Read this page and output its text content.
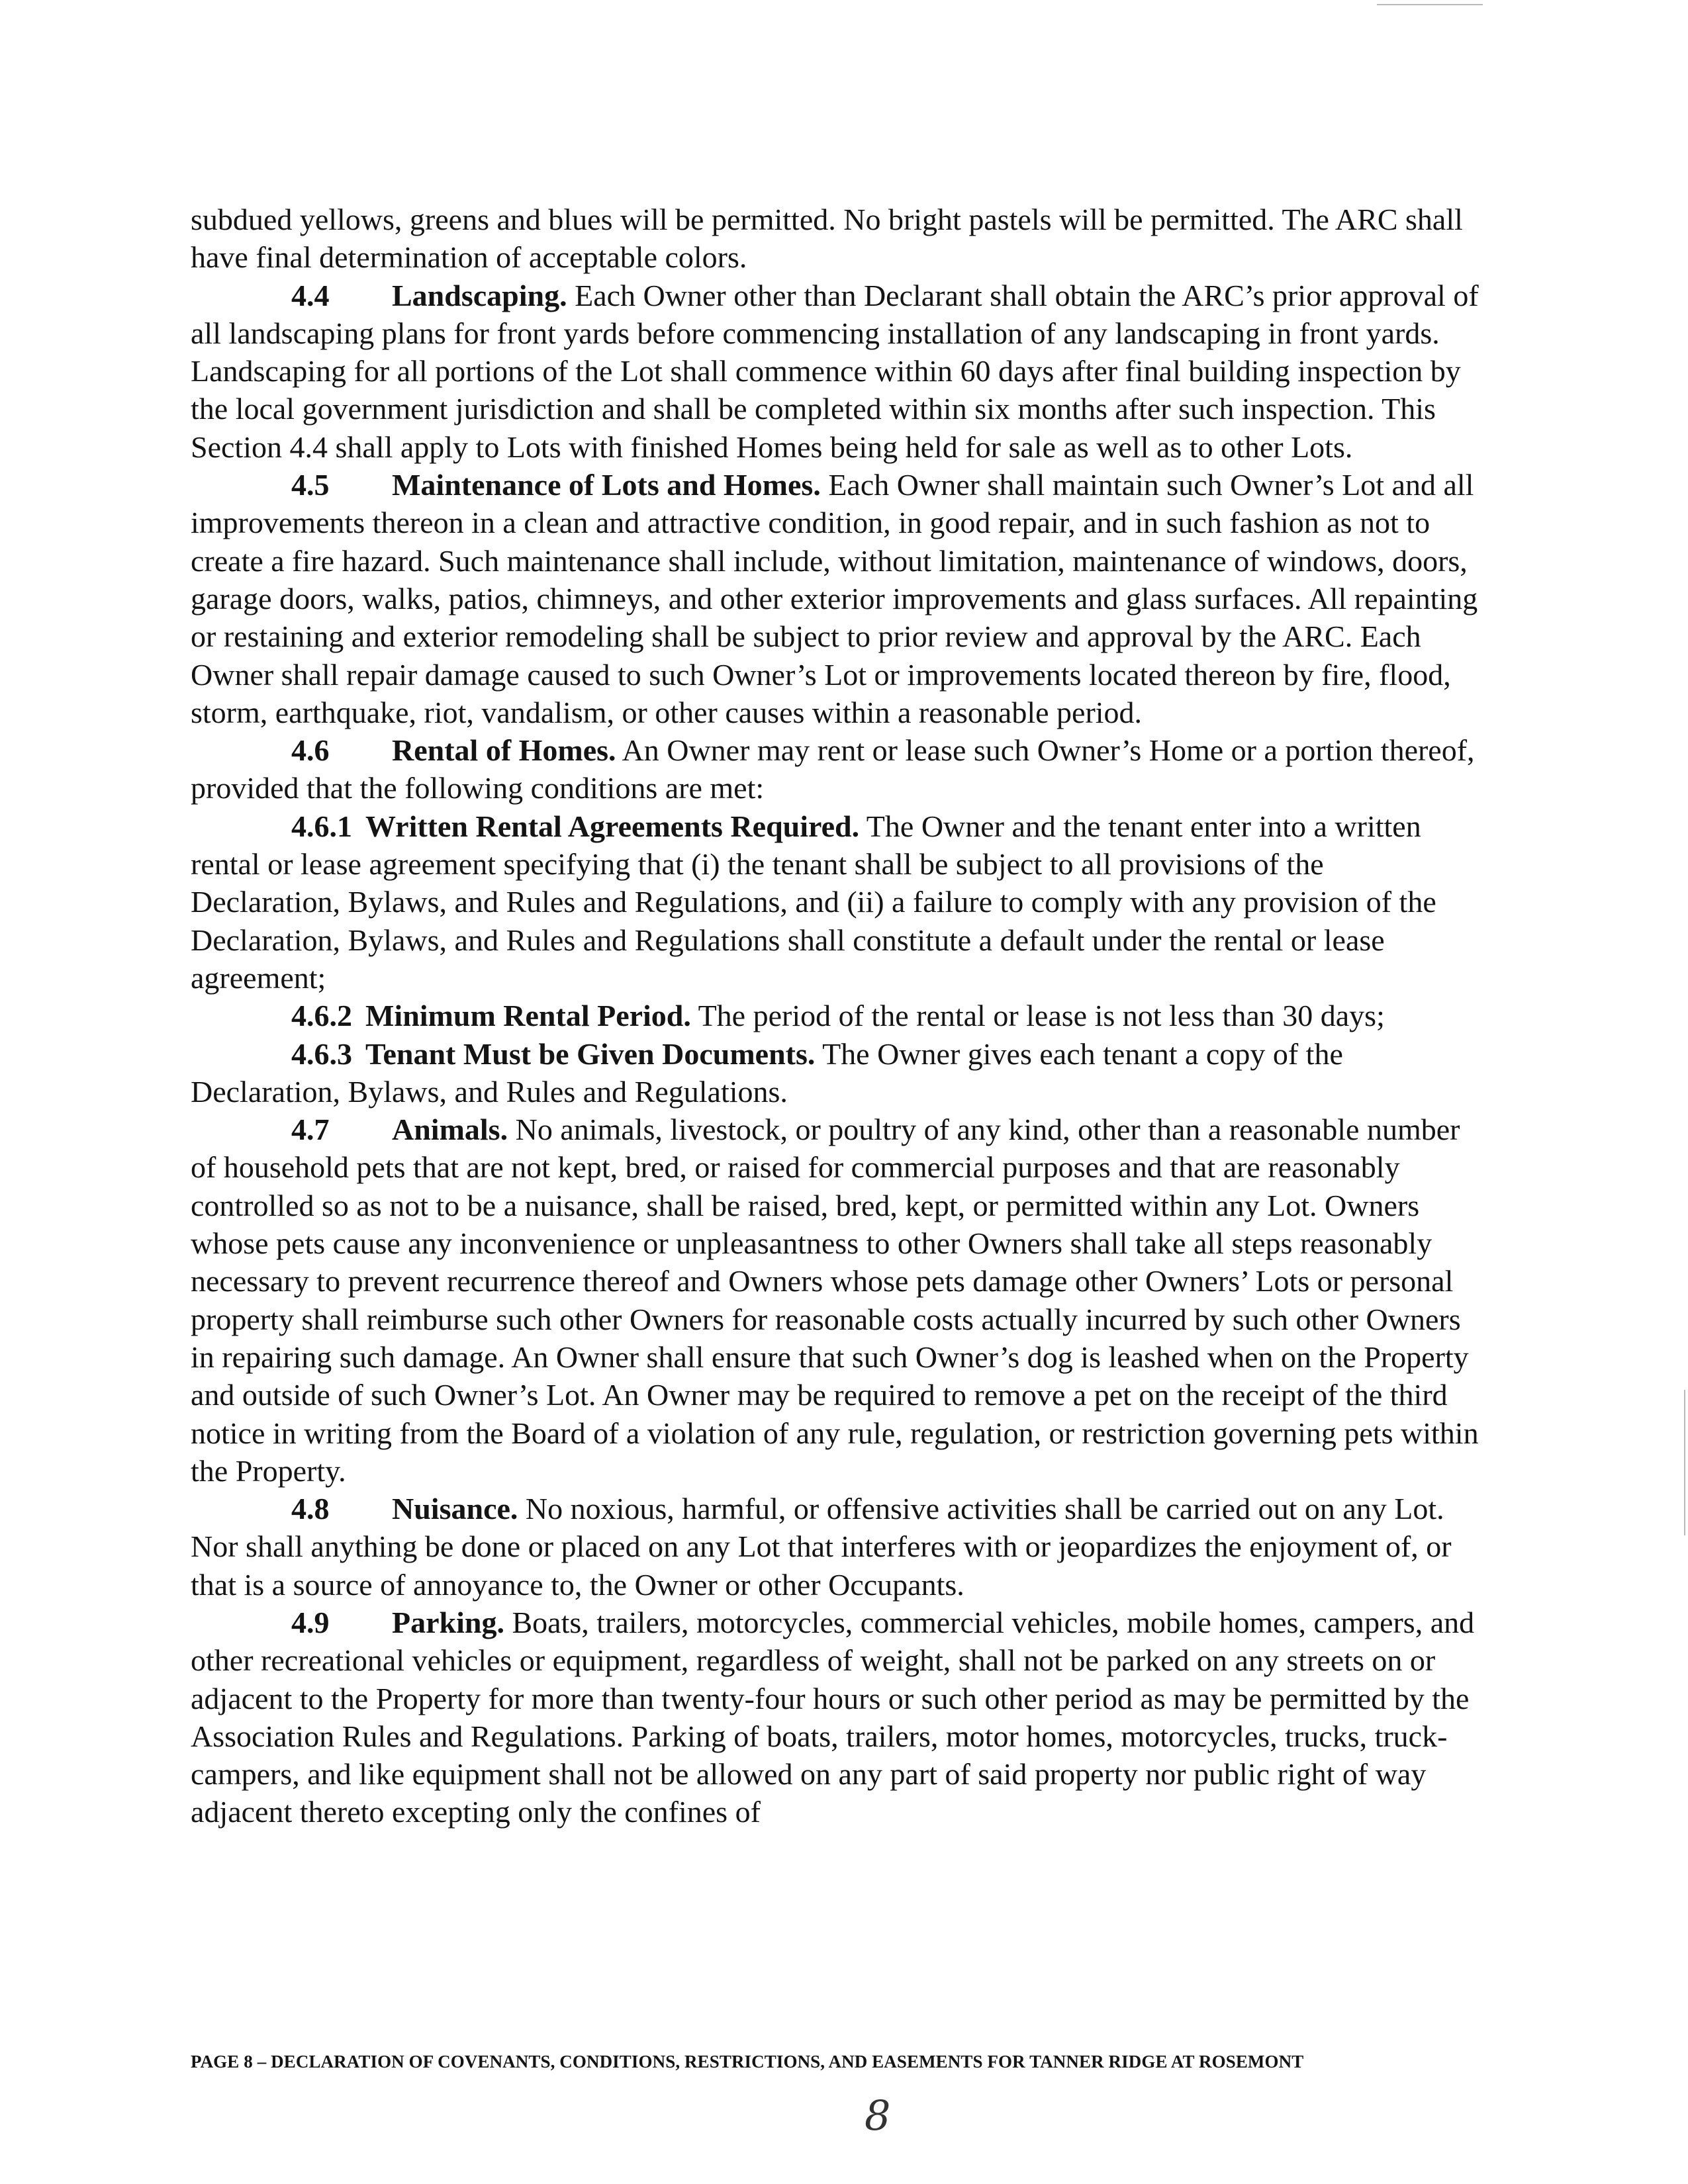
subdued yellows, greens and blues will be permitted. No bright pastels will be permitted. The ARC shall have final determination of acceptable colors.

4.4 Landscaping. Each Owner other than Declarant shall obtain the ARC’s prior approval of all landscaping plans for front yards before commencing installation of any landscaping in front yards. Landscaping for all portions of the Lot shall commence within 60 days after final building inspection by the local government jurisdiction and shall be completed within six months after such inspection. This Section 4.4 shall apply to Lots with finished Homes being held for sale as well as to other Lots.

4.5 Maintenance of Lots and Homes. Each Owner shall maintain such Owner’s Lot and all improvements thereon in a clean and attractive condition, in good repair, and in such fashion as not to create a fire hazard. Such maintenance shall include, without limitation, maintenance of windows, doors, garage doors, walks, patios, chimneys, and other exterior improvements and glass surfaces. All repainting or restaining and exterior remodeling shall be subject to prior review and approval by the ARC. Each Owner shall repair damage caused to such Owner’s Lot or improvements located thereon by fire, flood, storm, earthquake, riot, vandalism, or other causes within a reasonable period.

4.6 Rental of Homes. An Owner may rent or lease such Owner’s Home or a portion thereof, provided that the following conditions are met:

4.6.1 Written Rental Agreements Required. The Owner and the tenant enter into a written rental or lease agreement specifying that (i) the tenant shall be subject to all provisions of the Declaration, Bylaws, and Rules and Regulations, and (ii) a failure to comply with any provision of the Declaration, Bylaws, and Rules and Regulations shall constitute a default under the rental or lease agreement;

4.6.2 Minimum Rental Period. The period of the rental or lease is not less than 30 days;

4.6.3 Tenant Must be Given Documents. The Owner gives each tenant a copy of the Declaration, Bylaws, and Rules and Regulations.

4.7 Animals. No animals, livestock, or poultry of any kind, other than a reasonable number of household pets that are not kept, bred, or raised for commercial purposes and that are reasonably controlled so as not to be a nuisance, shall be raised, bred, kept, or permitted within any Lot. Owners whose pets cause any inconvenience or unpleasantness to other Owners shall take all steps reasonably necessary to prevent recurrence thereof and Owners whose pets damage other Owners’ Lots or personal property shall reimburse such other Owners for reasonable costs actually incurred by such other Owners in repairing such damage. An Owner shall ensure that such Owner’s dog is leashed when on the Property and outside of such Owner’s Lot. An Owner may be required to remove a pet on the receipt of the third notice in writing from the Board of a violation of any rule, regulation, or restriction governing pets within the Property.

4.8 Nuisance. No noxious, harmful, or offensive activities shall be carried out on any Lot. Nor shall anything be done or placed on any Lot that interferes with or jeopardizes the enjoyment of, or that is a source of annoyance to, the Owner or other Occupants.

4.9 Parking. Boats, trailers, motorcycles, commercial vehicles, mobile homes, campers, and other recreational vehicles or equipment, regardless of weight, shall not be parked on any streets on or adjacent to the Property for more than twenty-four hours or such other period as may be permitted by the Association Rules and Regulations. Parking of boats, trailers, motor homes, motorcycles, trucks, truck-campers, and like equipment shall not be allowed on any part of said property nor public right of way adjacent thereto excepting only the confines of

PAGE 8 – DECLARATION OF COVENANTS, CONDITIONS, RESTRICTIONS, AND EASEMENTS FOR TANNER RIDGE AT ROSEMONT
8
